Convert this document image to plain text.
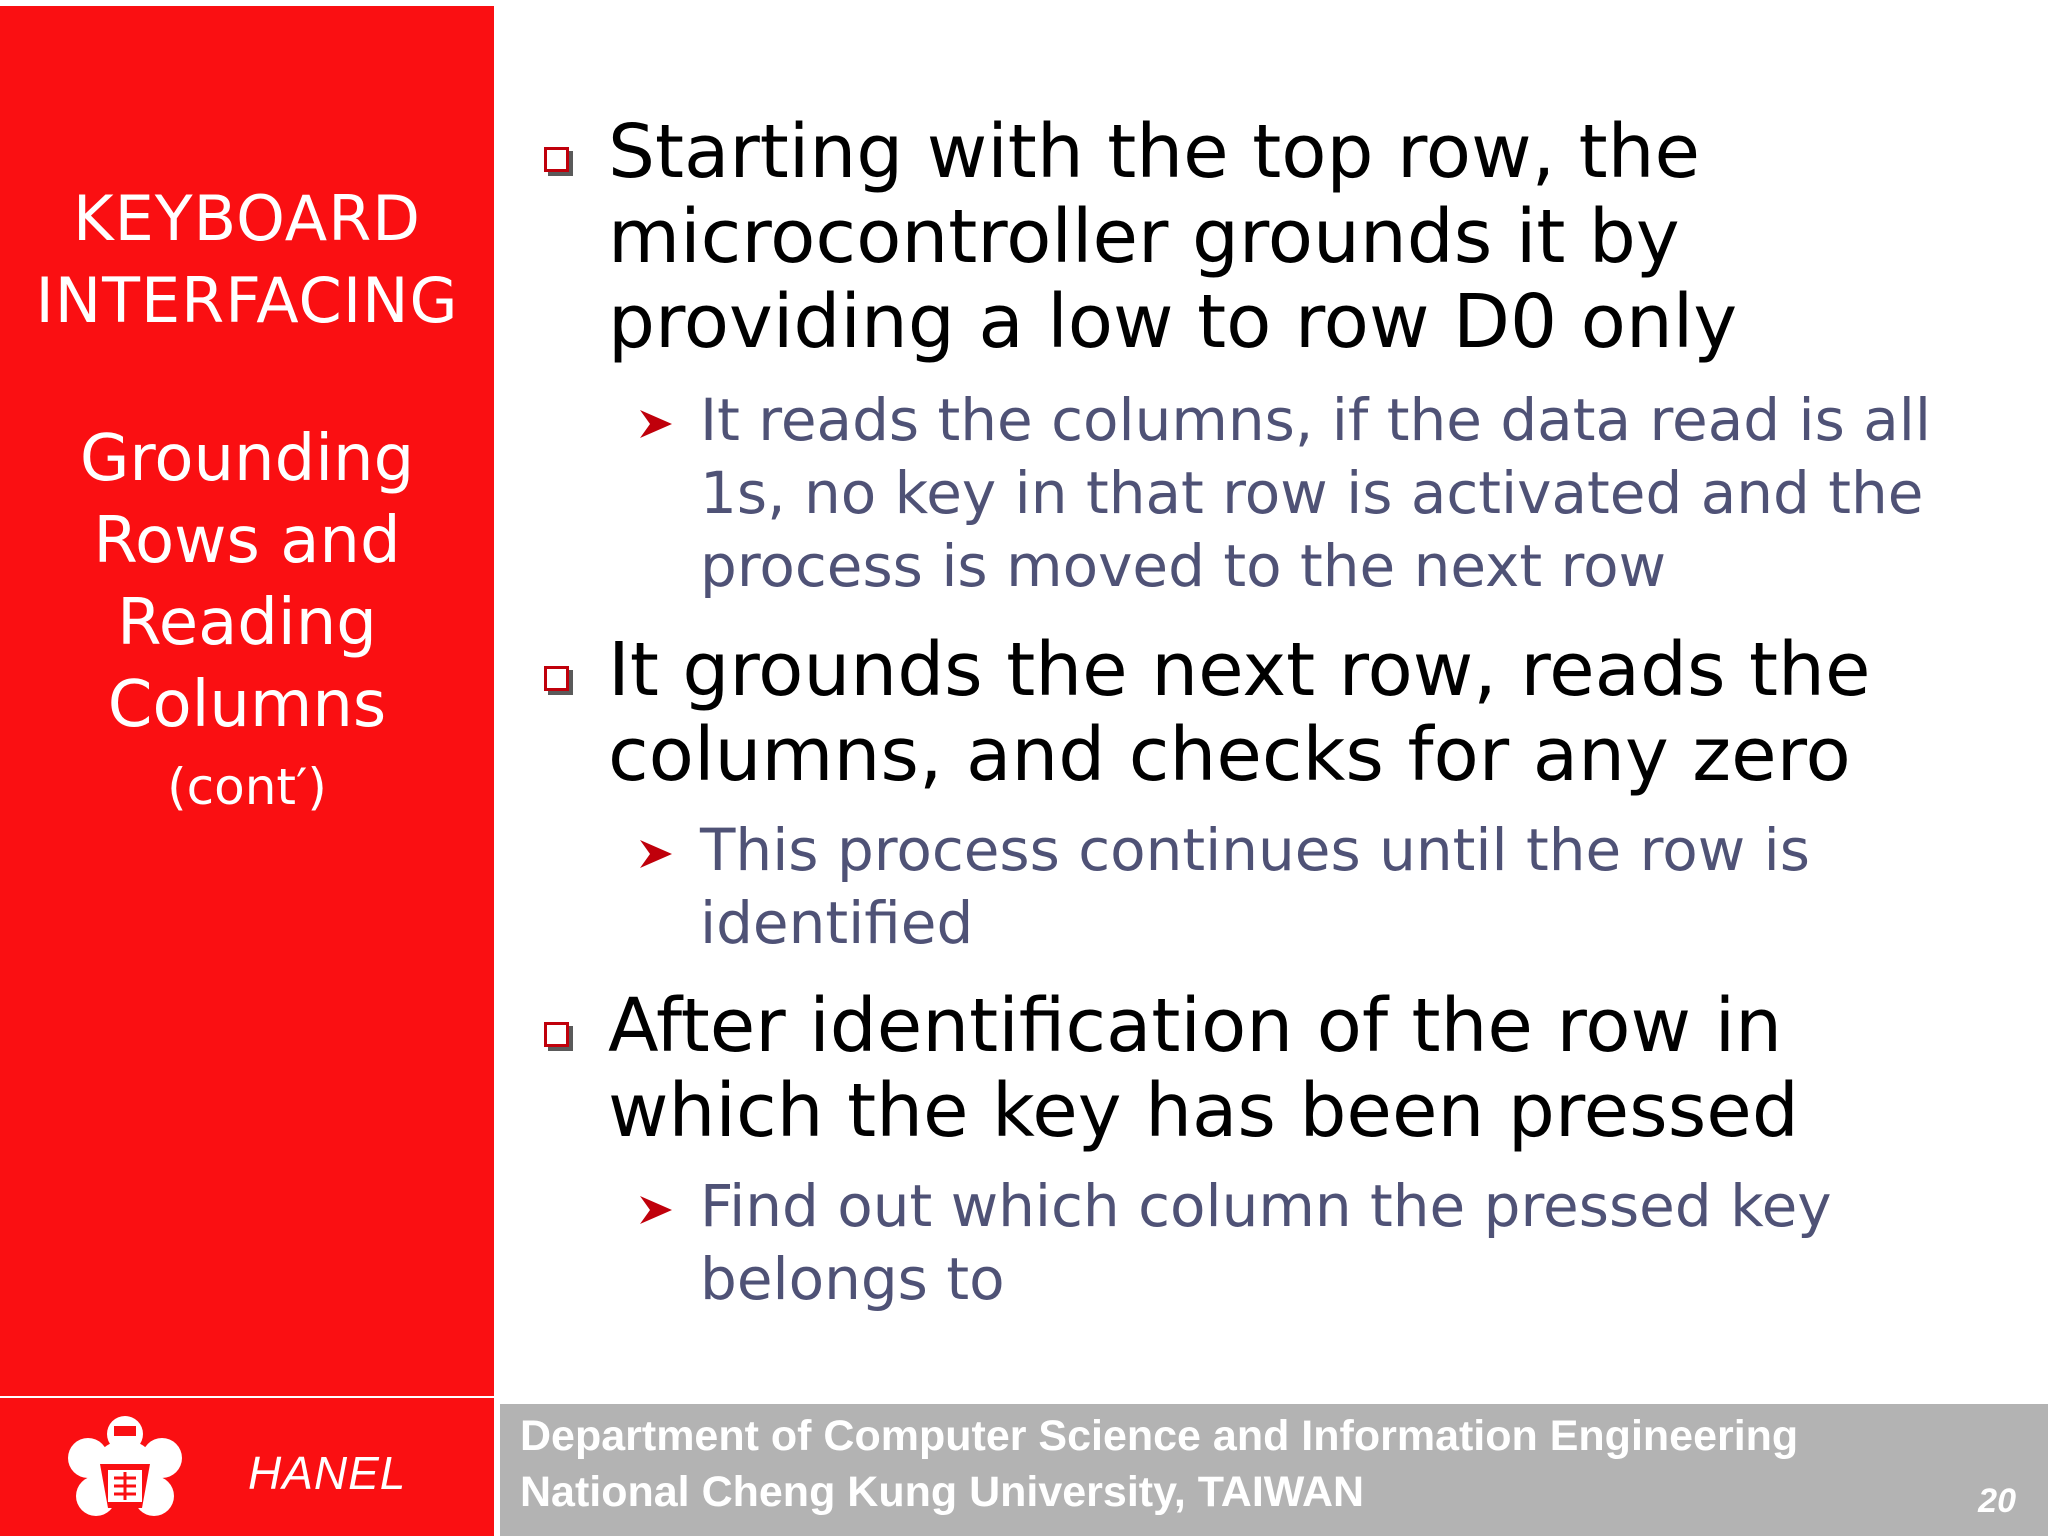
KEYBOARD
INTERFACING
Grounding
Rows and
Reading
Columns
(cont′)
Starting with the top row, the microcontroller grounds it by providing a low to row D0 only
It reads the columns, if the data read is all 1s, no key in that row is activated and the process is moved to the next row
It grounds the next row, reads the columns, and checks for any zero
This process continues until the row is identified
After identification of the row in which the key has been pressed
Find out which column the pressed key belongs to
HANEL
Department of Computer Science and Information Engineering
National Cheng Kung University, TAIWAN	20
